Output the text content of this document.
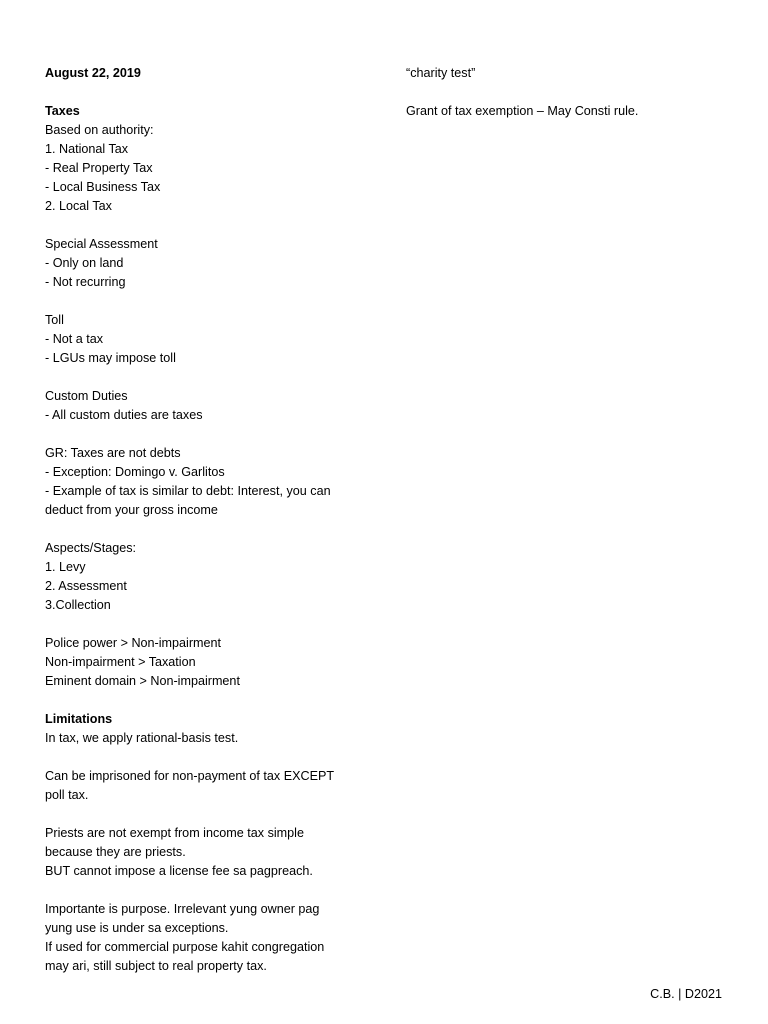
August 22, 2019
Taxes
Based on authority:
1. National Tax
- Real Property Tax
- Local Business Tax
2. Local Tax
Special Assessment
- Only on land
- Not recurring
Toll
- Not a tax
- LGUs may impose toll
Custom Duties
- All custom duties are taxes
GR: Taxes are not debts
- Exception: Domingo v. Garlitos
- Example of tax is similar to debt: Interest, you can
deduct from your gross income
Aspects/Stages:
1. Levy
2. Assessment
3.Collection
Police power > Non-impairment
Non-impairment > Taxation
Eminent domain > Non-impairment
Limitations
In tax, we apply rational-basis test.
Can be imprisoned for non-payment of tax EXCEPT
poll tax.
Priests are not exempt from income tax simple
because they are priests.
BUT cannot impose a license fee sa pagpreach.
Importante is purpose. Irrelevant yung owner pag
yung use is under sa exceptions.
If used for commercial purpose kahit congregation
may ari, still subject to real property tax.
“charity test”
Grant of tax exemption – May Consti rule.
C.B. | D2021
